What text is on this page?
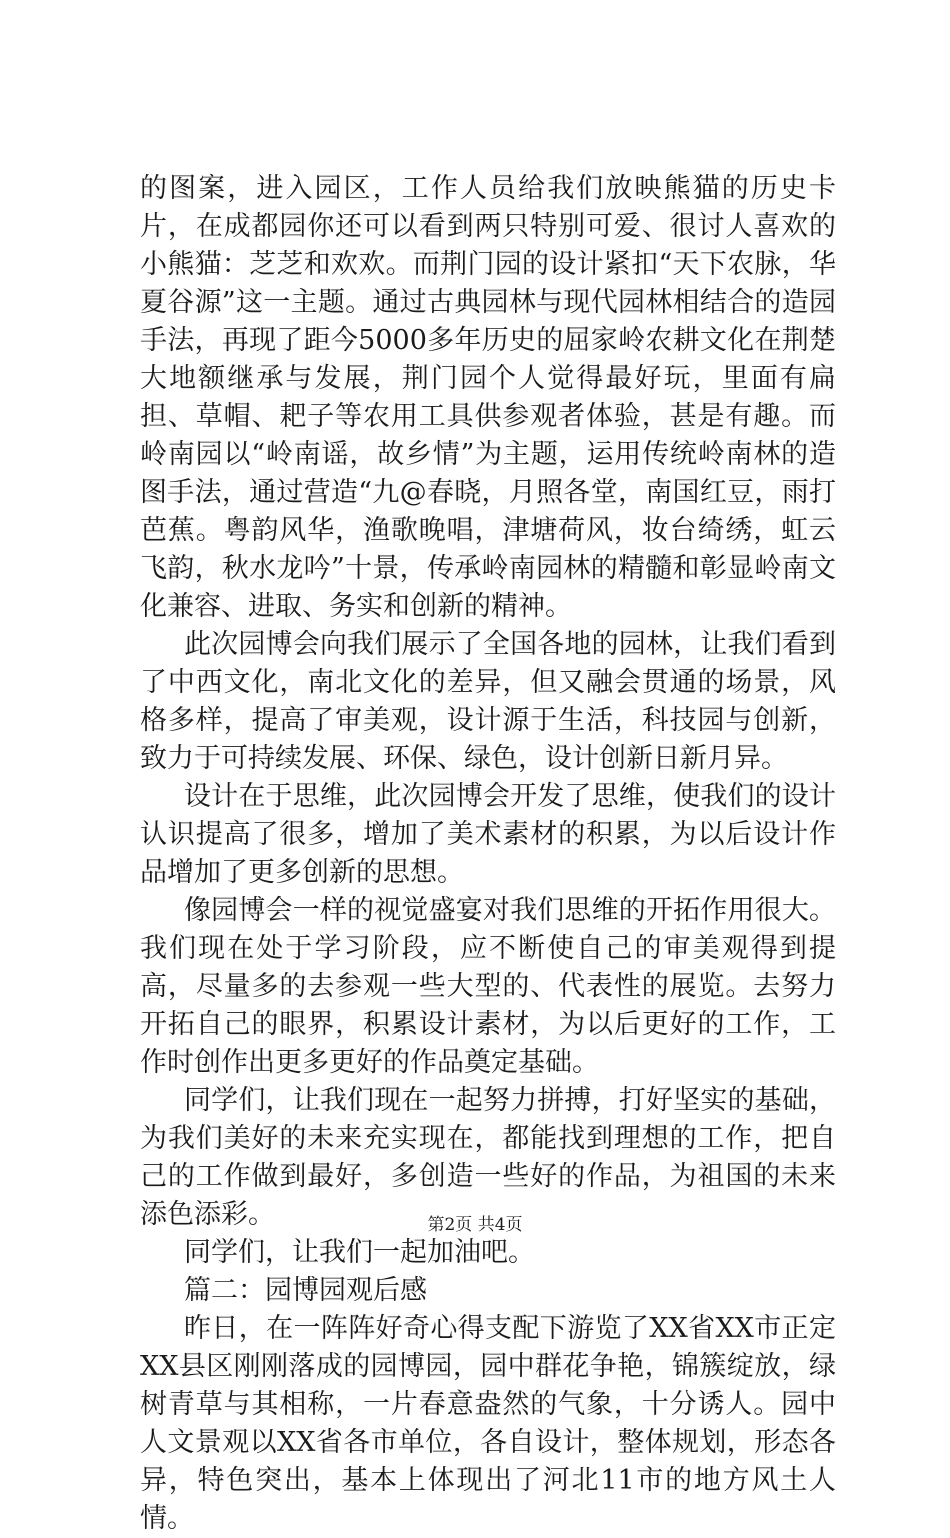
的图案，进入园区，工作人员给我们放映熊猫的历史卡片，在成都园你还可以看到两只特别可爱、很讨人喜欢的小熊猫：芝芝和欢欢。而荆门园的设计紧扣“天下农脉，华夏谷源”这一主题。通过古典园林与现代园林相结合的造园手法，再现了距今5000多年历史的屈家岭农耕文化在荆楚大地额继承与发展，荆门园个人觉得最好玩，里面有扁担、草帽、耙子等农用工具供参观者体验，甚是有趣。而岭南园以“岭南谣，故乡情”为主题，运用传统岭南林的造图手法，通过营造“九@春晓，月照各堂，南国红豆，雨打芭蕉。粤韵风华，渔歌晚唱，津塘荷风，妆台绮绣，虹云飞韵，秋水龙吟”十景，传承岭南园林的精髓和彰显岭南文化兼容、进取、务实和创新的精神。

此次园博会向我们展示了全国各地的园林，让我们看到了中西文化，南北文化的差异，但又融会贯通的场景，风格多样，提高了审美观，设计源于生活，科技园与创新，致力于可持续发展、环保、绿色，设计创新日新月异。

设计在于思维，此次园博会开发了思维，使我们的设计认识提高了很多，增加了美术素材的积累，为以后设计作品增加了更多创新的思想。

像园博会一样的视觉盛宴对我们思维的开拓作用很大。我们现在处于学习阶段，应不断使自己的审美观得到提高，尽量多的去参观一些大型的、代表性的展览。去努力开拓自己的眼界，积累设计素材，为以后更好的工作，工作时创作出更多更好的作品奠定基础。

同学们，让我们现在一起努力拼搏，打好坚实的基础，为我们美好的未来充实现在，都能找到理想的工作，把自己的工作做到最好，多创造一些好的作品，为祖国的未来添色添彩。

同学们，让我们一起加油吧。

篇二：园博园观后感

昨日，在一阵阵好奇心得支配下游览了XX省XX市正定XX县区刚刚落成的园博园，园中群花争艳，锦簇绽放，绿树青草与其相称，一片春意盎然的气象，十分诱人。园中人文景观以XX省各市单位，各自设计，整体规划，形态各异，特色突出，基本上体现出了河北11市的地方风土人情。

第2页 共4页
